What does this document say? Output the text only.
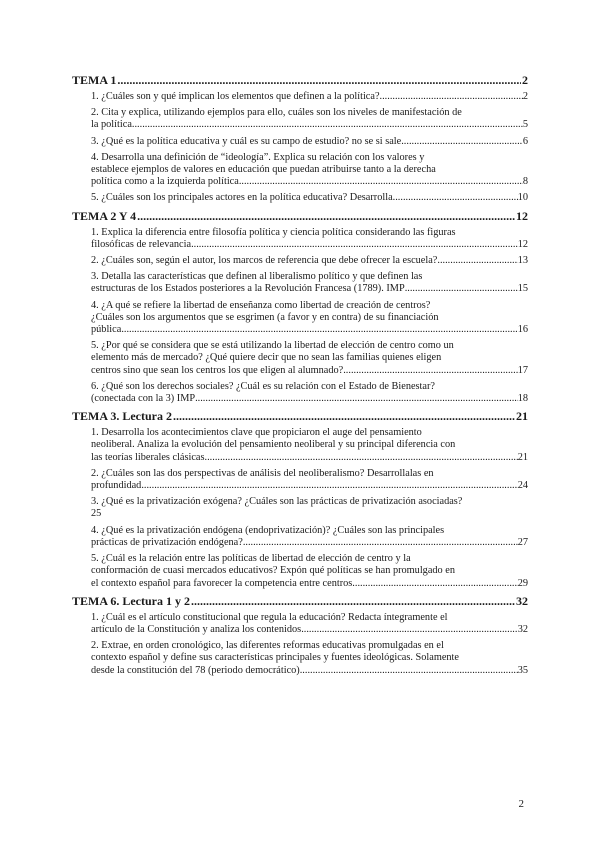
TEMA 1 .....	2
1. ¿Cuáles son y qué implican los elementos que definen a la política? .....	2
2. Cita y explica, utilizando ejemplos para ello, cuáles son los niveles de manifestación de
la política .....	5
3. ¿Qué es la política educativa y cuál es su campo de estudio? no se si sale .....	6
4. Desarrolla una definición de “ideología”. Explica su relación con los valores y
establece ejemplos de valores en educación que puedan atribuirse tanto a la derecha
política como a la izquierda política .....	8
5. ¿Cuáles son los principales actores en la política educativa? Desarrolla .....	10
TEMA 2 Y 4 .....	12
1. Explica la diferencia entre filosofía política y ciencia política considerando las figuras
filosóficas de relevancia .....	12
2. ¿Cuáles son, según el autor, los marcos de referencia que debe ofrecer la escuela? .....	13
3. Detalla las características que definen al liberalismo político y que definen las
estructuras de los Estados posteriores a la Revolución Francesa (1789). IMP .....	15
4. ¿A qué se refiere la libertad de enseñanza como libertad de creación de centros?
¿Cuáles son los argumentos que se esgrimen (a favor y en contra) de su financiación
pública .....	16
5. ¿Por qué se considera que se está utilizando la libertad de elección de centro como un
elemento más de mercado? ¿Qué quiere decir que no sean las familias quienes eligen
centros sino que sean los centros los que eligen al alumnado? .....	17
6. ¿Qué son los derechos sociales? ¿Cuál es su relación con el Estado de Bienestar?
(conectada con la 3) IMP .....	18
TEMA 3. Lectura 2 .....	21
1. Desarrolla los acontecimientos clave que propiciaron el auge del pensamiento
neoliberal. Analiza la evolución del pensamiento neoliberal y su principal diferencia con
las teorías liberales clásicas .....	21
2. ¿Cuáles son las dos perspectivas de análisis del neoliberalismo? Desarrollalas en
profundidad .....	24
3. ¿Qué es la privatización exógena? ¿Cuáles son las prácticas de privatización asociadas?
25
4. ¿Qué es la privatización endógena (endoprivatización)? ¿Cuáles son las principales
prácticas de privatización endógena? .....	27
5. ¿Cuál es la relación entre las políticas de libertad de elección de centro y la
conformación de cuasi mercados educativos? Expón qué políticas se han promulgado en
el contexto español para favorecer la competencia entre centros .....	29
TEMA 6. Lectura 1 y 2 .....	32
1. ¿Cuál es el artículo constitucional que regula la educación? Redacta íntegramente el
artículo de la Constitución y analiza los contenidos .....	32
2. Extrae, en orden cronológico, las diferentes reformas educativas promulgadas en el
contexto español y define sus características principales y fuentes ideológicas. Solamente
desde la constitución del 78 (periodo democrático) .....	35
2
